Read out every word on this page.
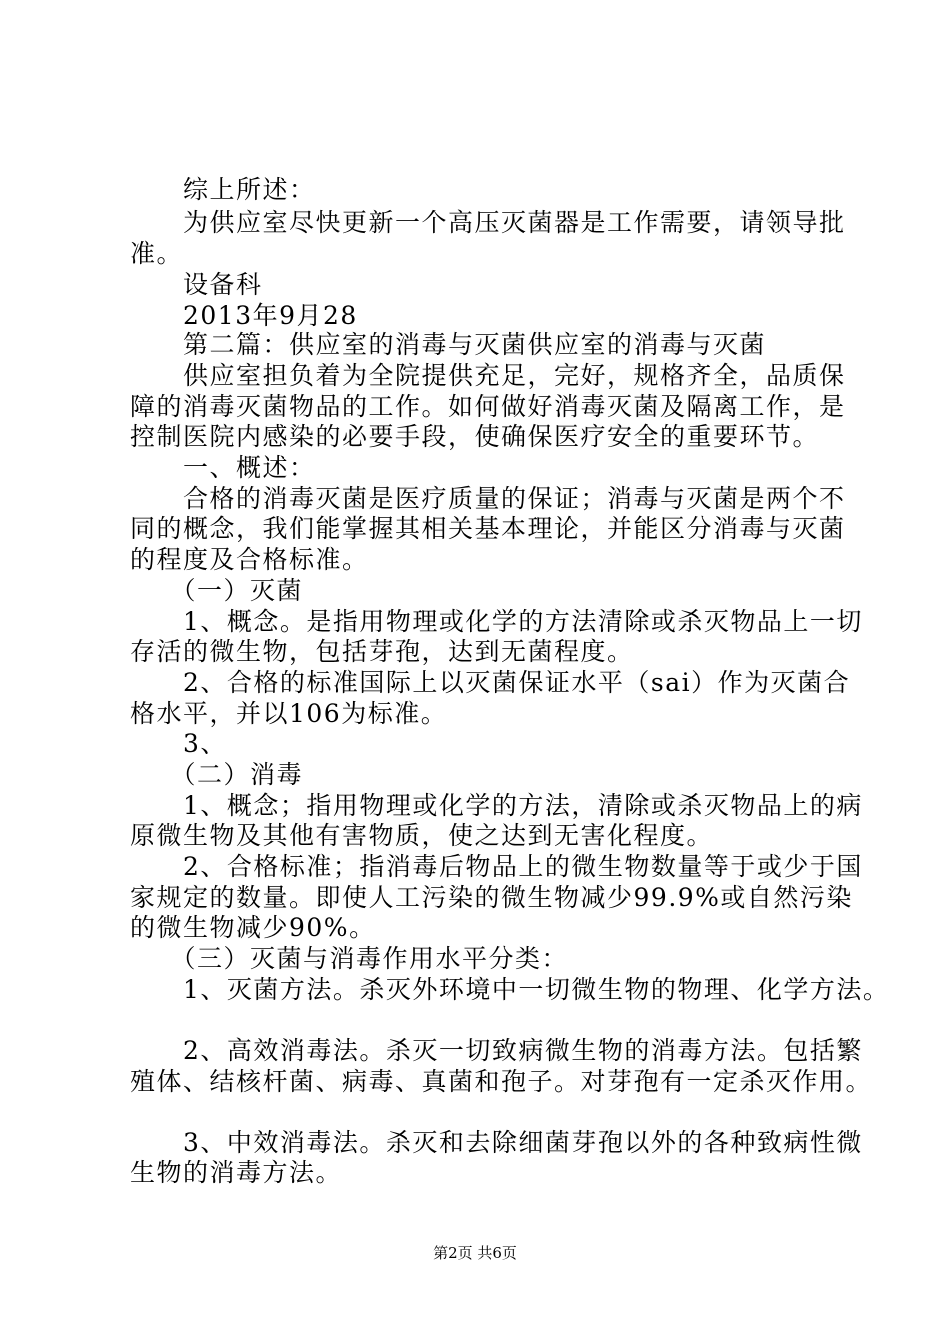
　　综上所述：
　　为供应室尽快更新一个高压灭菌器是工作需要，请领导批
准。
　　设备科
　　2013年9月28
　　第二篇：供应室的消毒与灭菌供应室的消毒与灭菌
　　供应室担负着为全院提供充足，完好，规格齐全，品质保
障的消毒灭菌物品的工作。如何做好消毒灭菌及隔离工作，是
控制医院内感染的必要手段，使确保医疗安全的重要环节。
　　一、概述：
　　合格的消毒灭菌是医疗质量的保证；消毒与灭菌是两个不
同的概念，我们能掌握其相关基本理论，并能区分消毒与灭菌
的程度及合格标准。
　　（一）灭菌
　　1、概念。是指用物理或化学的方法清除或杀灭物品上一切
存活的微生物，包括芽孢，达到无菌程度。
　　2、合格的标准国际上以灭菌保证水平（sai）作为灭菌合
格水平，并以106为标准。
　　3、
　　（二）消毒
　　1、概念；指用物理或化学的方法，清除或杀灭物品上的病
原微生物及其他有害物质，使之达到无害化程度。
　　2、合格标准；指消毒后物品上的微生物数量等于或少于国
家规定的数量。即使人工污染的微生物减少99.9%或自然污染
的微生物减少90%。
　　（三）灭菌与消毒作用水平分类：
　　1、灭菌方法。杀灭外环境中一切微生物的物理、化学方法。
　　2、高效消毒法。杀灭一切致病微生物的消毒方法。包括繁
殖体、结核杆菌、病毒、真菌和孢子。对芽孢有一定杀灭作用。
　　3、中效消毒法。杀灭和去除细菌芽孢以外的各种致病性微
生物的消毒方法。
第2页 共6页
